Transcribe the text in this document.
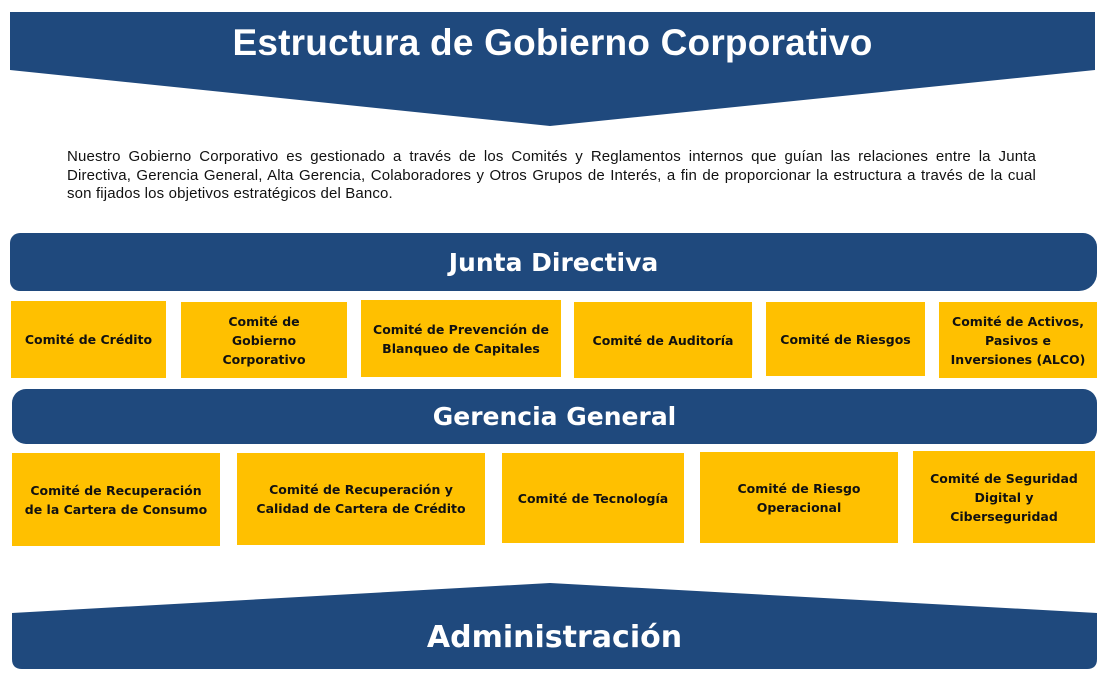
Estructura de Gobierno Corporativo
Nuestro Gobierno Corporativo es gestionado a través de los Comités y Reglamentos internos que guían las relaciones entre la Junta Directiva, Gerencia General, Alta Gerencia, Colaboradores y Otros Grupos de Interés, a fin de proporcionar la estructura a través de la cual son fijados los objetivos estratégicos del Banco.
Junta Directiva
Comité de Crédito
Comité de Gobierno Corporativo
Comité de Prevención de Blanqueo de Capitales
Comité de Auditoría	Comité de Riesgos
Comité de Activos, Pasivos e Inversiones (ALCO)
Gerencia General
Comité de Recuperación de la Cartera de Consumo
Comité de Recuperación y Calidad de Cartera de Crédito
Comité de Tecnología
Comité de Riesgo Operacional
Comité de Seguridad Digital y Ciberseguridad
Administración
